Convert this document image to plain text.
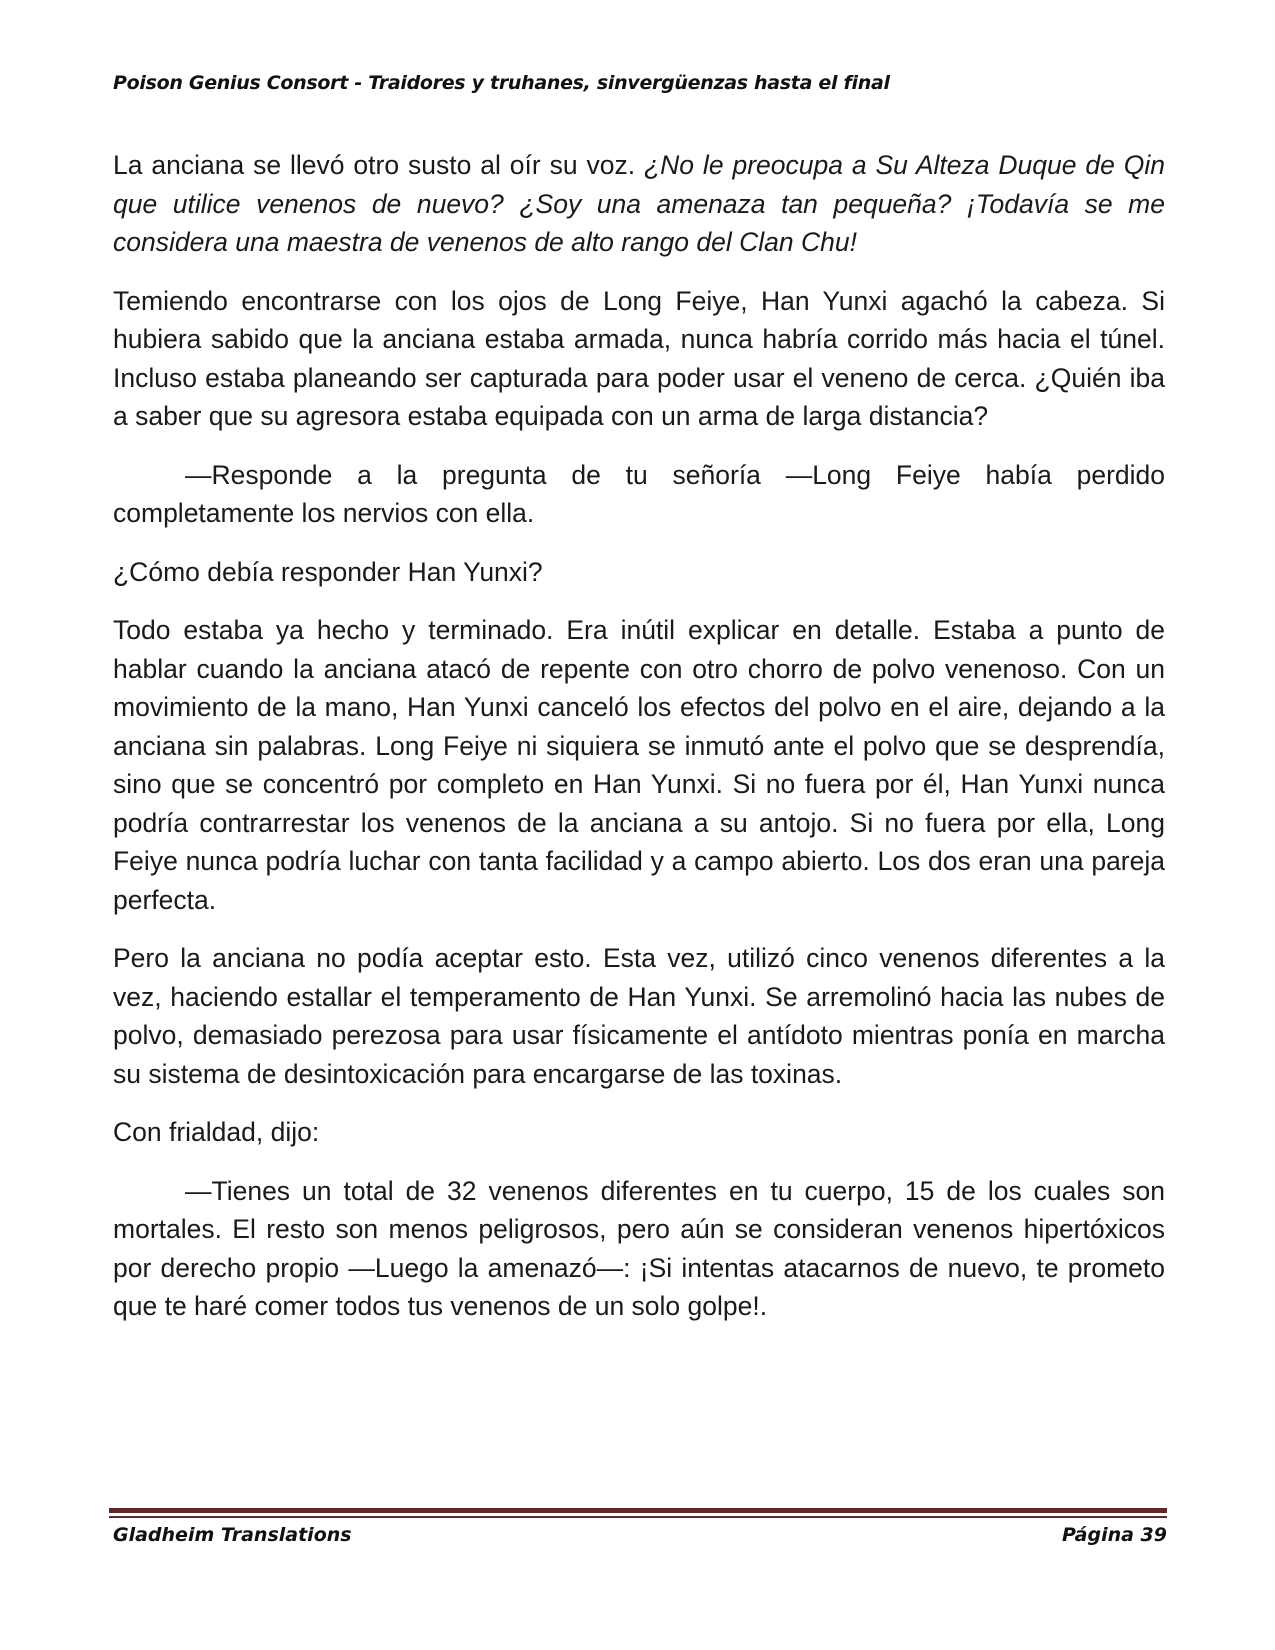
Poison Genius Consort - Traidores y truhanes, sinvergüenzas hasta el final

La anciana se llevó otro susto al oír su voz. ¿No le preocupa a Su Alteza Duque de Qin que utilice venenos de nuevo? ¿Soy una amenaza tan pequeña? ¡Todavía se me considera una maestra de venenos de alto rango del Clan Chu!

Temiendo encontrarse con los ojos de Long Feiye, Han Yunxi agachó la cabeza. Si hubiera sabido que la anciana estaba armada, nunca habría corrido más hacia el túnel. Incluso estaba planeando ser capturada para poder usar el veneno de cerca. ¿Quién iba a saber que su agresora estaba equipada con un arma de larga distancia?

—Responde a la pregunta de tu señoría —Long Feiye había perdido completamente los nervios con ella.

¿Cómo debía responder Han Yunxi?

Todo estaba ya hecho y terminado. Era inútil explicar en detalle. Estaba a punto de hablar cuando la anciana atacó de repente con otro chorro de polvo venenoso. Con un movimiento de la mano, Han Yunxi canceló los efectos del polvo en el aire, dejando a la anciana sin palabras. Long Feiye ni siquiera se inmutó ante el polvo que se desprendía, sino que se concentró por completo en Han Yunxi. Si no fuera por él, Han Yunxi nunca podría contrarrestar los venenos de la anciana a su antojo. Si no fuera por ella, Long Feiye nunca podría luchar con tanta facilidad y a campo abierto. Los dos eran una pareja perfecta.

Pero la anciana no podía aceptar esto. Esta vez, utilizó cinco venenos diferentes a la vez, haciendo estallar el temperamento de Han Yunxi. Se arremolinó hacia las nubes de polvo, demasiado perezosa para usar físicamente el antídoto mientras ponía en marcha su sistema de desintoxicación para encargarse de las toxinas.

Con frialdad, dijo:

—Tienes un total de 32 venenos diferentes en tu cuerpo, 15 de los cuales son mortales. El resto son menos peligrosos, pero aún se consideran venenos hipertóxicos por derecho propio —Luego la amenazó—: ¡Si intentas atacarnos de nuevo, te prometo que te haré comer todos tus venenos de un solo golpe!.

Gladheim Translations	Página 39
